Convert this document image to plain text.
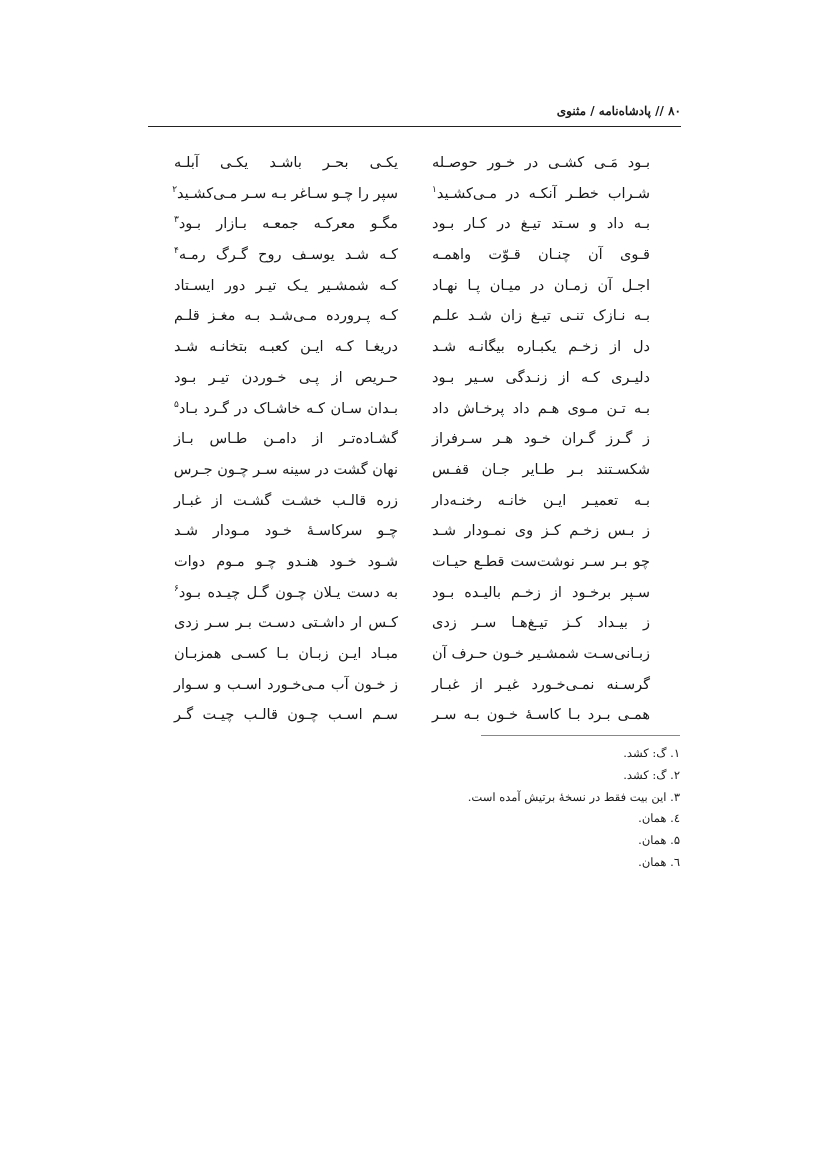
۸۰ // پادشاه‌نامه / مثنوی
بـود مَـی کشـی در خـور حوصـله
شـراب خطـر آنکـه در مـی‌کشـید$^۱$
بـه داد و سـتد تیـغ در کـار بـود
قـوی آن چنـان قـوّت واهمـه
اجـل آن زمـان در میـان پـا نهـاد
بـه نـازک تنـی تیـغ زان شـد علـم
دل از زخـم یکبـاره بیگانـه شـد
دلیـری کـه از زنـدگی سـیر بـود
بـه تـن مـوی هـم داد پرخـاش داد
ز گـرز گـران خـود هـر سـرفراز
شکسـتند بـر طـایر جـان قفـس
بـه تعمیـر ایـن خانـه رخنـه‌دار
ز بـس زخـم کـز وی نمـودار شـد
چو بـر سـر نوشت‌ست قطـع حیـات
سـپر برخـود از زخـم بالیـده بـود
ز بیـداد کـز تیـغ‌هـا سـر زدی
زبـانی‌سـت شمشـیر خـون حـرف آن
گرسـنه نمـی‌خـورد غیـر از غبـار
همـی بـرد بـا کاسـهٔ خـون بـه سـر
یکـی بحـر باشـد یکـی آبلـه
سپر را چـو سـاغر بـه سـر مـی‌کشـید$^۲$
مگـو معرکـه جمعـه بـازار بـود$^۳$
کـه شـد یوسـف روح گـرگ رمـه$^۴$
کـه شمشـیر یـک تیـر دور ایسـتاد
کـه پـرورده مـی‌شـد بـه مغـز قلـم
دریغـا کـه ایـن کعبـه بتخانـه شـد
حـریص از پـی خـوردن تیـر بـود
بـدان سـان کـه خاشـاک در گـرد بـاد$^۵$
گشـاده‌تـر از دامـن طـاس بـاز
نهان گشت در سینه سـر چـون جـرس
زره قالـب خشـت گشـت از غبـار
چـو سرکاسـهٔ خـود مـودار شـد
شـود خـود هنـدو چـو مـوم دوات
به دست یـلان چـون گـل چیـده بـود$^۶$
کـس ار داشـتی دسـت بـر سـر زدی
مبـاد ایـن زبـان بـا کسـی همزبـان
ز خـون آب مـی‌خـورد اسـب و سـوار
سـم اسـب چـون قالـب چیـت گـر
۱. گ: کشد.
۲. گ: کشد.
۳. این بیت فقط در نسخهٔ برتیش آمده است.
٤. همان.
۵. همان.
٦. همان.
